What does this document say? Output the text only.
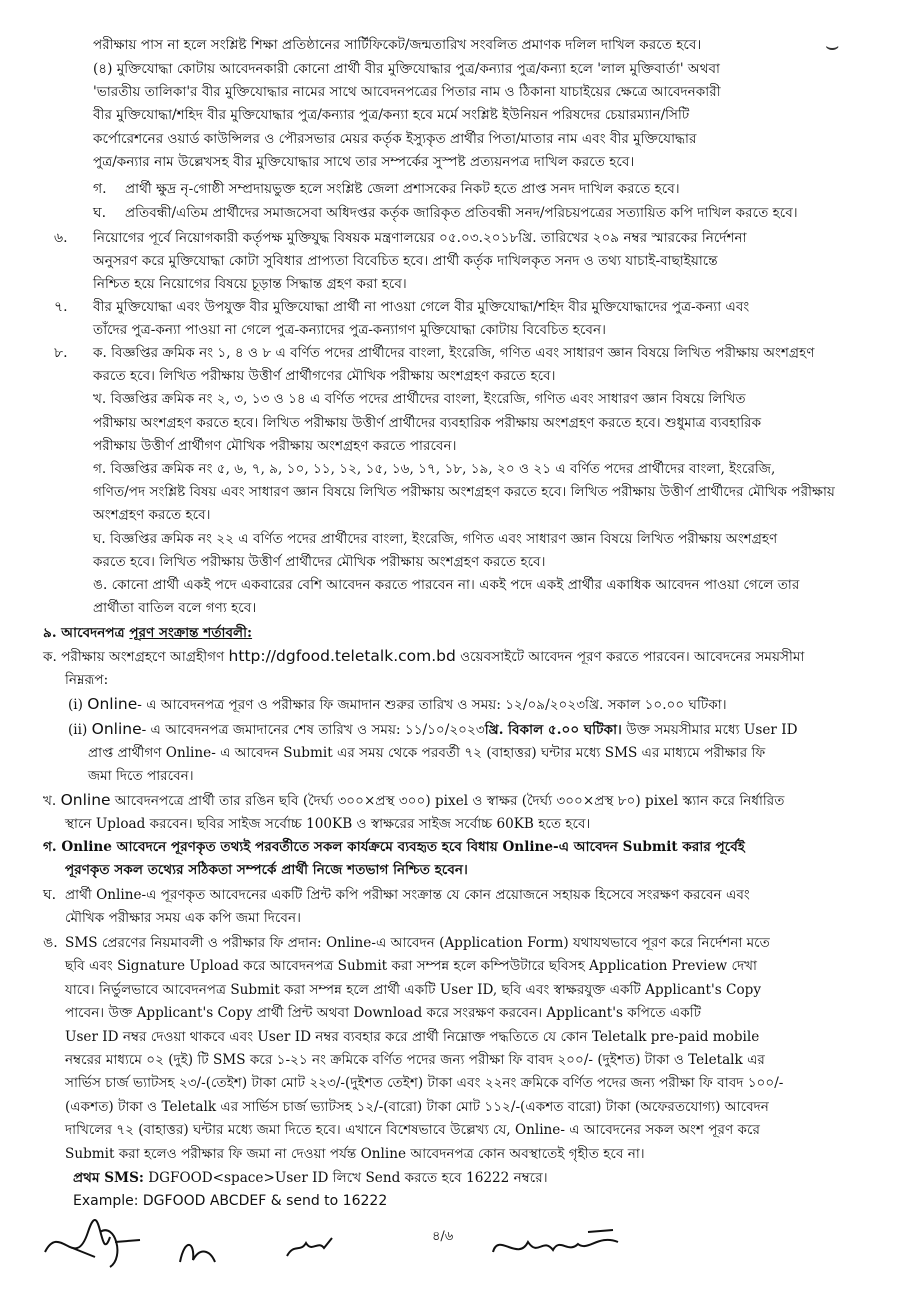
⌣

পরীক্ষায় পাস না হলে সংশ্লিষ্ট শিক্ষা প্রতিষ্ঠানের সার্টিফিকেট/জন্মতারিখ সংবলিত প্রমাণক দলিল দাখিল করতে হবে।

(৪) মুক্তিযোদ্ধা কোটায় আবেদনকারী কোনো প্রার্থী বীর মুক্তিযোদ্ধার পুত্র/কন্যার পুত্র/কন্যা হলে 'লাল মুক্তিবার্তা' অথবা

'ভারতীয় তালিকা'র বীর মুক্তিযোদ্ধার নামের সাথে আবেদনপত্রের পিতার নাম ও ঠিকানা যাচাইয়ের ক্ষেত্রে আবেদনকারী

বীর মুক্তিযোদ্ধা/শহিদ বীর মুক্তিযোদ্ধার পুত্র/কন্যার পুত্র/কন্যা হবে মর্মে সংশ্লিষ্ট ইউনিয়ন পরিষদের চেয়ারম্যান/সিটি

কর্পোরেশনের ওয়ার্ড কাউন্সিলর ও পৌরসভার মেয়র কর্তৃক ইস্যুকৃত প্রার্থীর পিতা/মাতার নাম এবং বীর মুক্তিযোদ্ধার

পুত্র/কন্যার নাম উল্লেখসহ বীর মুক্তিযোদ্ধার সাথে তার সম্পর্কের সুস্পষ্ট প্রত্যয়নপত্র দাখিল করতে হবে।

গ. প্রার্থী ক্ষুদ্র নৃ-গোষ্ঠী সম্প্রদায়ভুক্ত হলে সংশ্লিষ্ট জেলা প্রশাসকের নিকট হতে প্রাপ্ত সনদ দাখিল করতে হবে।
ঘ. প্রতিবন্ধী/এতিম প্রার্থীদের সমাজসেবা অধিদপ্তর কর্তৃক জারিকৃত প্রতিবন্ধী সনদ/পরিচয়পত্রের সত্যায়িত কপি দাখিল করতে হবে।
৬. নিয়োগের পূর্বে নিয়োগকারী কর্তৃপক্ষ মুক্তিযুদ্ধ বিষয়ক মন্ত্রণালয়ের ০৫.০৩.২০১৮খ্রি. তারিখের ২০৯ নম্বর স্মারকের নির্দেশনা

অনুসরণ করে মুক্তিযোদ্ধা কোটা সুবিধার প্রাপ্যতা বিবেচিত হবে। প্রার্থী কর্তৃক দাখিলকৃত সনদ ও তথ্য যাচাই-বাছাইয়ান্তে

নিশ্চিত হয়ে নিয়োগের বিষয়ে চূড়ান্ত সিদ্ধান্ত গ্রহণ করা হবে।

৭. বীর মুক্তিযোদ্ধা এবং উপযুক্ত বীর মুক্তিযোদ্ধা প্রার্থী না পাওয়া গেলে বীর মুক্তিযোদ্ধা/শহিদ বীর মুক্তিযোদ্ধাদের পুত্র-কন্যা এবং

তাঁদের পুত্র-কন্যা পাওয়া না গেলে পুত্র-কন্যাদের পুত্র-কন্যাগণ মুক্তিযোদ্ধা কোটায় বিবেচিত হবেন।

৮. ক. বিজ্ঞপ্তির ক্রমিক নং ১, ৪ ও ৮ এ বর্ণিত পদের প্রার্থীদের বাংলা, ইংরেজি, গণিত এবং সাধারণ জ্ঞান বিষয়ে লিখিত পরীক্ষায় অংশগ্রহণ

করতে হবে। লিখিত পরীক্ষায় উত্তীর্ণ প্রার্থীগণের মৌখিক পরীক্ষায় অংশগ্রহণ করতে হবে।

খ. বিজ্ঞপ্তির ক্রমিক নং ২, ৩, ১৩ ও ১৪ এ বর্ণিত পদের প্রার্থীদের বাংলা, ইংরেজি, গণিত এবং সাধারণ জ্ঞান বিষয়ে লিখিত

পরীক্ষায় অংশগ্রহণ করতে হবে। লিখিত পরীক্ষায় উত্তীর্ণ প্রার্থীদের ব্যবহারিক পরীক্ষায় অংশগ্রহণ করতে হবে। শুধুমাত্র ব্যবহারিক

পরীক্ষায় উত্তীর্ণ প্রার্থীগণ মৌখিক পরীক্ষায় অংশগ্রহণ করতে পারবেন।

গ. বিজ্ঞপ্তির ক্রমিক নং ৫, ৬, ৭, ৯, ১০, ১১, ১২, ১৫, ১৬, ১৭, ১৮, ১৯, ২০ ও ২১ এ বর্ণিত পদের প্রার্থীদের বাংলা, ইংরেজি,

গণিত/পদ সংশ্লিষ্ট বিষয় এবং সাধারণ জ্ঞান বিষয়ে লিখিত পরীক্ষায় অংশগ্রহণ করতে হবে। লিখিত পরীক্ষায় উত্তীর্ণ প্রার্থীদের মৌখিক পরীক্ষায়

অংশগ্রহণ করতে হবে।

ঘ. বিজ্ঞপ্তির ক্রমিক নং ২২ এ বর্ণিত পদের প্রার্থীদের বাংলা, ইংরেজি, গণিত এবং সাধারণ জ্ঞান বিষয়ে লিখিত পরীক্ষায় অংশগ্রহণ

করতে হবে। লিখিত পরীক্ষায় উত্তীর্ণ প্রার্থীদের মৌখিক পরীক্ষায় অংশগ্রহণ করতে হবে।

ঙ. কোনো প্রার্থী একই পদে একবারের বেশি আবেদন করতে পারবেন না। একই পদে একই প্রার্থীর একাধিক আবেদন পাওয়া গেলে তার

প্রার্থীতা বাতিল বলে গণ্য হবে।

৯. আবেদনপত্র পূরণ সংক্রান্ত শর্তাবলী:

ক. পরীক্ষায় অংশগ্রহণে আগ্রহীগণ http://dgfood.teletalk.com.bd ওয়েবসাইটে আবেদন পূরণ করতে পারবেন। আবেদনের সময়সীমা

নিম্নরূপ:

(i) Online- এ আবেদনপত্র পূরণ ও পরীক্ষার ফি জমাদান শুরুর তারিখ ও সময়: ১২/০৯/২০২৩খ্রি. সকাল ১০.০০ ঘটিকা।

(ii) Online- এ আবেদনপত্র জমাদানের শেষ তারিখ ও সময়: ১১/১০/২০২৩খ্রি. বিকাল ৫.০০ ঘটিকা। উক্ত সময়সীমার মধ্যে User ID

প্রাপ্ত প্রার্থীগণ Online- এ আবেদন Submit এর সময় থেকে পরবর্তী ৭২ (বাহাত্তর) ঘন্টার মধ্যে SMS এর মাধ্যমে পরীক্ষার ফি

জমা দিতে পারবেন।

খ. Online আবেদনপত্রে প্রার্থী তার রঙিন ছবি (দৈর্ঘ্য ৩০০×প্রস্থ ৩০০) pixel ও স্বাক্ষর (দৈর্ঘ্য ৩০০×প্রস্থ ৮০) pixel স্ক্যান করে নির্ধারিত

স্থানে Upload করবেন। ছবির সাইজ সর্বোচ্চ 100KB ও স্বাক্ষরের সাইজ সর্বোচ্চ 60KB হতে হবে।

গ. Online আবেদনে পূরণকৃত তথ্যই পরবর্তীতে সকল কার্যক্রমে ব্যবহৃত হবে বিধায় Online-এ আবেদন Submit করার পূর্বেই

পূরণকৃত সকল তথ্যের সঠিকতা সম্পর্কে প্রার্থী নিজে শতভাগ নিশ্চিত হবেন।

ঘ. প্রার্থী Online-এ পূরণকৃত আবেদনের একটি প্রিন্ট কপি পরীক্ষা সংক্রান্ত যে কোন প্রয়োজনে সহায়ক হিসেবে সংরক্ষণ করবেন এবং

মৌখিক পরীক্ষার সময় এক কপি জমা দিবেন।

ঙ. SMS প্রেরণের নিয়মাবলী ও পরীক্ষার ফি প্রদান: Online-এ আবেদন (Application Form) যথাযথভাবে পূরণ করে নির্দেশনা মতে

ছবি এবং Signature Upload করে আবেদনপত্র Submit করা সম্পন্ন হলে কম্পিউটারে ছবিসহ Application Preview দেখা

যাবে। নির্ভুলভাবে আবেদনপত্র Submit করা সম্পন্ন হলে প্রার্থী একটি User ID, ছবি এবং স্বাক্ষরযুক্ত একটি Applicant's Copy

পাবেন। উক্ত Applicant's Copy প্রার্থী প্রিন্ট অথবা Download করে সংরক্ষণ করবেন। Applicant's কপিতে একটি

User ID নম্বর দেওয়া থাকবে এবং User ID নম্বর ব্যবহার করে প্রার্থী নিম্নোক্ত পদ্ধতিতে যে কোন Teletalk pre-paid mobile

নম্বরের মাধ্যমে ০২ (দুই) টি SMS করে ১-২১ নং ক্রমিকে বর্ণিত পদের জন্য পরীক্ষা ফি বাবদ ২০০/- (দুইশত) টাকা ও Teletalk এর

সার্ভিস চার্জ ভ্যাটসহ ২৩/-(তেইশ) টাকা মোট ২২৩/-(দুইশত তেইশ) টাকা এবং ২২নং ক্রমিকে বর্ণিত পদের জন্য পরীক্ষা ফি বাবদ ১০০/-

(একশত) টাকা ও Teletalk এর সার্ভিস চার্জ ভ্যাটসহ ১২/-(বারো) টাকা মোট ১১২/-(একশত বারো) টাকা (অফেরতযোগ্য) আবেদন

দাখিলের ৭২ (বাহাত্তর) ঘন্টার মধ্যে জমা দিতে হবে। এখানে বিশেষভাবে উল্লেখ্য যে, Online- এ আবেদনের সকল অংশ পূরণ করে

Submit করা হলেও পরীক্ষার ফি জমা না দেওয়া পর্যন্ত Online আবেদনপত্র কোন অবস্থাতেই গৃহীত হবে না।

প্রথম SMS: DGFOOD<space>User ID লিখে Send করতে হবে 16222 নম্বরে।
Example: DGFOOD ABCDEF & send to 16222
৪/৬
